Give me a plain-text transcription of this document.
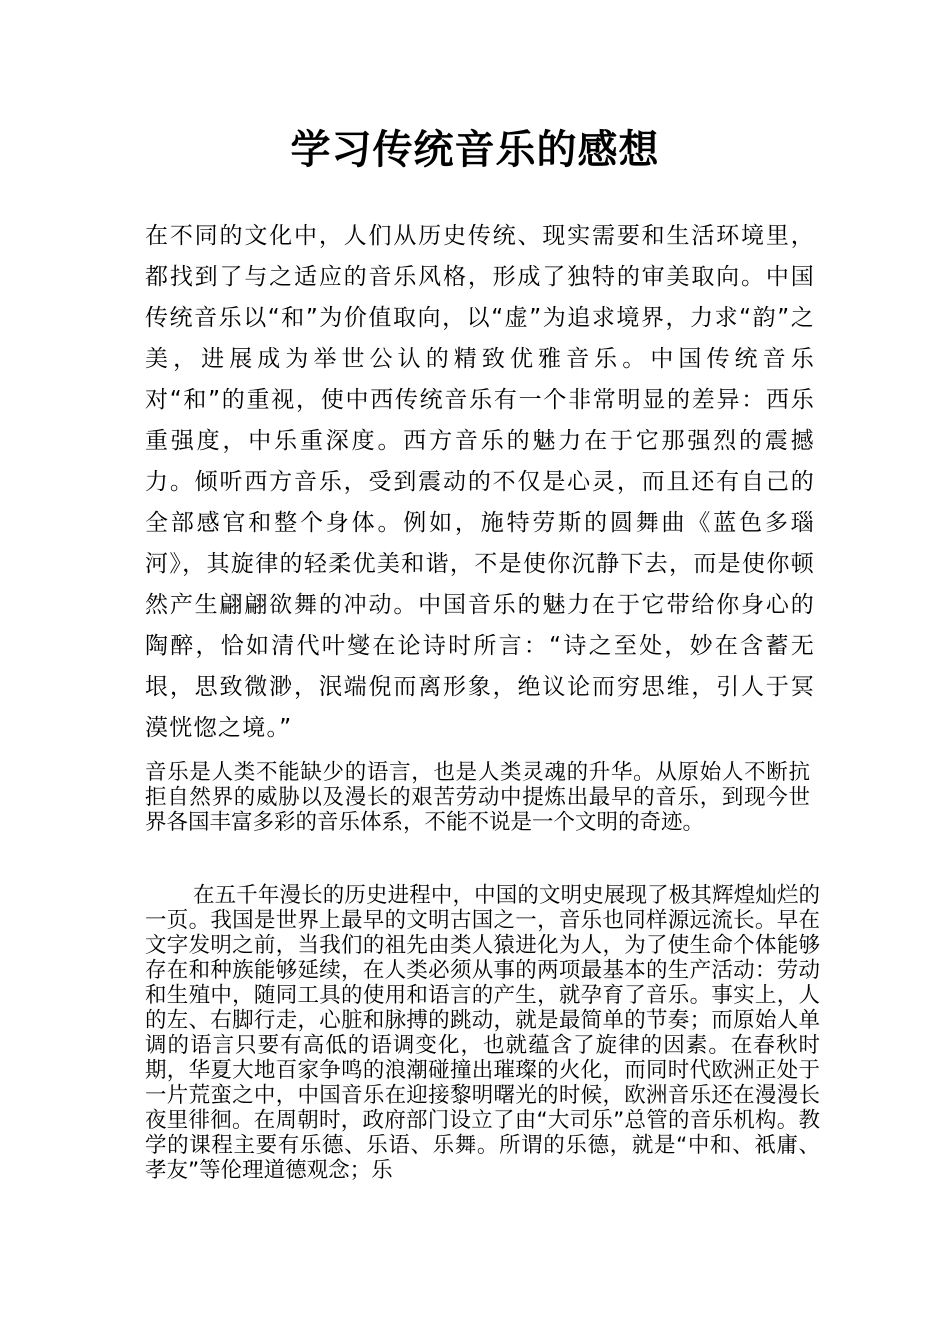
学习传统音乐的感想

在不同的文化中，人们从历史传统、现实需要和生活环境里，都找到了与之适应的音乐风格，形成了独特的审美取向。中国传统音乐以“和”为价值取向，以“虚”为追求境界，力求“韵”之美，进展成为举世公认的精致优雅音乐。中国传统音乐对“和”的重视，使中西传统音乐有一个非常明显的差异：西乐重强度，中乐重深度。西方音乐的魅力在于它那强烈的震撼力。倾听西方音乐，受到震动的不仅是心灵，而且还有自己的全部感官和整个身体。例如，施特劳斯的圆舞曲《蓝色多瑙河》，其旋律的轻柔优美和谐，不是使你沉静下去，而是使你顿然产生翩翩欲舞的冲动。中国音乐的魅力在于它带给你身心的陶醉，恰如清代叶燮在论诗时所言：“诗之至处，妙在含蓄无垠，思致微渺，泯端倪而离形象，绝议论而穷思维，引人于冥漠恍惚之境。”

音乐是人类不能缺少的语言，也是人类灵魂的升华。从原始人不断抗拒自然界的威胁以及漫长的艰苦劳动中提炼出最早的音乐，到现今世界各国丰富多彩的音乐体系，不能不说是一个文明的奇迹。

在五千年漫长的历史进程中，中国的文明史展现了极其辉煌灿烂的一页。我国是世界上最早的文明古国之一，音乐也同样源远流长。早在文字发明之前，当我们的祖先由类人猿进化为人，为了使生命个体能够存在和种族能够延续，在人类必须从事的两项最基本的生产活动：劳动和生殖中，随同工具的使用和语言的产生，就孕育了音乐。事实上，人的左、右脚行走，心脏和脉搏的跳动，就是最简单的节奏；而原始人单调的语言只要有高低的语调变化，也就蕴含了旋律的因素。在春秋时期，华夏大地百家争鸣的浪潮碰撞出璀璨的火化，而同时代欧洲正处于一片荒蛮之中，中国音乐在迎接黎明曙光的时候，欧洲音乐还在漫漫长夜里徘徊。在周朝时，政府部门设立了由“大司乐”总管的音乐机构。教学的课程主要有乐德、乐语、乐舞。所谓的乐德，就是“中和、祇庸、孝友”等伦理道德观念；乐
